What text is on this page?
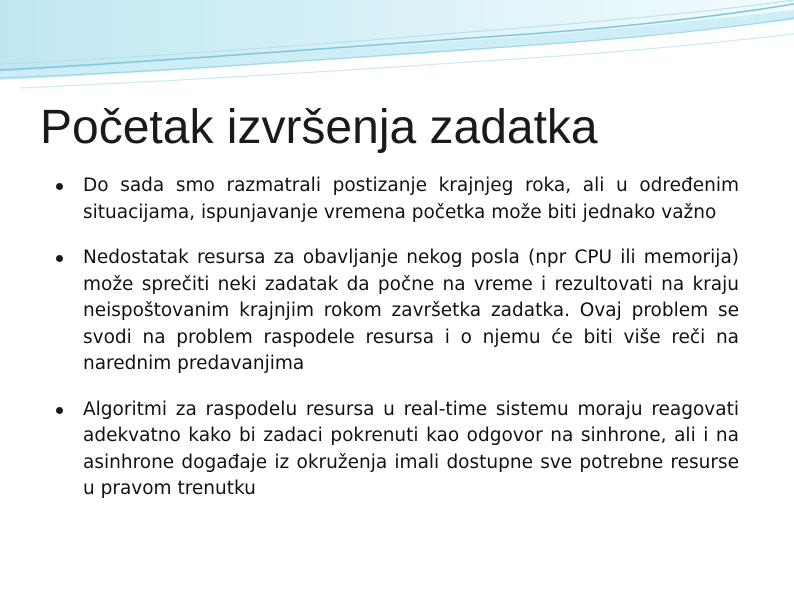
Početak izvršenja zadatka
Do sada smo razmatrali postizanje krajnjeg roka, ali u određenim situacijama, ispunjavanje vremena početka može biti jednako važno
Nedostatak resursa za obavljanje nekog posla (npr CPU ili memorija) može sprečiti neki zadatak da počne na vreme i rezultovati na kraju neispoštovanim krajnjim rokom završetka zadatka. Ovaj problem se svodi na problem raspodele resursa i o njemu će biti više reči na narednim predavanjima
Algoritmi za raspodelu resursa u real-time sistemu moraju reagovati adekvatno kako bi zadaci pokrenuti kao odgovor na sinhrone, ali i na asinhrone događaje iz okruženja imali dostupne sve potrebne resurse u pravom trenutku
